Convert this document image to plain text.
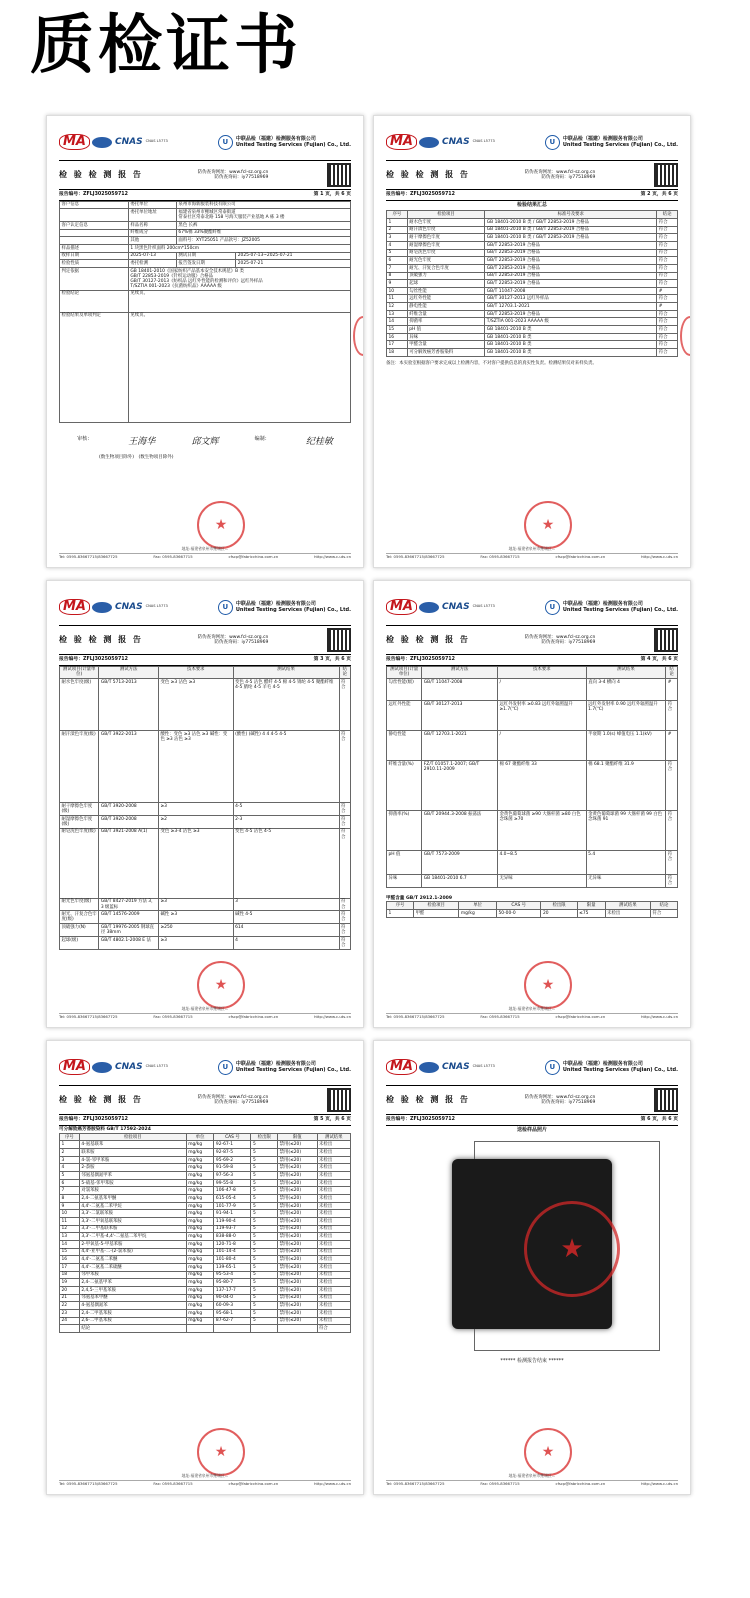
质检证书
MA	CNAS CNAS L5773	U	中联品检（福建）检测服务有限公司
United Testing Services (Fujian) Co., Ltd.
检 验 检 测 报 告	防伪查询网址：www.fcl-sz.org.cn
防伪查询码：iy77518969
报告编号：ZFLJ3025059712	第 1 页，共 6 页
客户信息	委托单位	泉州市海新服装科技有限公司	
	委托单位地址	福建省泉州市鲤城区常泰街道
常泰社区常泰北路 158 号海天服装产业基地 A 栋 3 楼	
客户认定信息	样品名称	黑色 长裤	
	纤维成分	67%棉 33%聚酯纤维	
	其他	面料号：XYT25051 产品款号：JZ52005	
样品描述	1 块黑色针织面料 200cm*150cm		
收样日期	2025-07-13	测试日期	2025-07-13~2025-07-21
检验性质	委托检测	报告签发日期	2025-07-21
判定依据	GB 18401-2010《国家纺织产品基本安全技术规范》B 类
GB/T 22853-2019《针织运动服》合格品
GB/T 30127-2013《纺织品 远红外性能的检测和评价》远红外样品
T/SZTIA 001-2023《抗菌纺织品》AAAAA 级		

检验结论	见续页。		
检验结果及单项判定	见续页。		
审核：	王海华	邱文辉	编制：	纪桂敏
(数生物项目除外)　(数生物项目除外)
★
地址:福建省泉州市鲤城区...
Tel: 0595-83667715/83667725	Fax: 0595-83667715	cfscp@fabricchina.com.cn	http://www.c-uts.cn
MA	CNAS CNAS L5773	U	中联品检（福建）检测服务有限公司
United Testing Services (Fujian) Co., Ltd.
检 验 检 测 报 告	防伪查询网址：www.fcl-sz.org.cn
防伪查询码：iy77518969
报告编号：ZFLJ3025059712	第 2 页，共 6 页
检验结果汇总
序号	检验项目	标准号及要求	结论
1	耐水色牢度	GB 18401-2010 B 类 / GB/T 22853-2019 合格品	符合
2	耐汗渍色牢度	GB 18401-2010 B 类 / GB/T 22853-2019 合格品	符合
3	耐干摩擦色牢度	GB 18401-2010 B 类 / GB/T 22853-2019 合格品	符合
4	耐湿摩擦色牢度	GB/T 22853-2019 合格品	符合
5	耐皂洗色牢度	GB/T 22853-2019 合格品	符合
6	耐光色牢度	GB/T 22853-2019 合格品	符合
7	耐光、汗复合色牢度	GB/T 22853-2019 合格品	符合
8	顶破强力	GB/T 22853-2019 合格品	符合
9	起球	GB/T 22853-2019 合格品	符合
10	勾丝性能	GB/T 11047-2008	#
11	远红外性能	GB/T 30127-2013 远红外样品	符合
12	静电性能	GB/T 12703.1-2021	#
13	纤维含量	GB/T 22853-2019 合格品	符合
14	抑菌率	T/SZTIA 001-2023 AAAAA 级	符合
15	pH 值	GB 18401-2010 B 类	符合
16	异味	GB 18401-2010 B 类	符合
17	甲醛含量	GB 18401-2010 B 类	符合
18	可分解致癌芳香胺染料	GB 18401-2010 B 类	符合
备注：本实验室根据客户要求完成以上检测内容，不对客户提供信息的真实性负责。检测结果仅对来样负责。
★
地址:福建省泉州市鲤城区...
Tel: 0595-83667715/83667725	Fax: 0595-83667715	cfscp@fabricchina.com.cn	http://www.c-uts.cn
MA	CNAS CNAS L5773	U	中联品检（福建）检测服务有限公司
United Testing Services (Fujian) Co., Ltd.
检 验 检 测 报 告	防伪查询网址：www.fcl-sz.org.cn
防伪查询码：iy77518969
报告编号：ZFLJ3025059712	第 3 页，共 6 页
测试项目(计量单位)	测试方法	技术要求	测试结果	结论
耐水色牢度(级)	GB/T 5713-2013	变色 ≥3 沾色 ≥3	变色 4-5 沾色 醋纤 4-5 棉 4-5 锦纶 4-5 聚酯纤维 4-5 腈纶 4-5 羊毛 4-5	符合
耐汗渍色牢度(级)	GB/T 3922-2013	酸性：变色 ≥3 沾色 ≥3 碱性：变色 ≥3 沾色 ≥3	(酸性) (碱性) 4 4 4-5 4-5	符合
耐干摩擦色牢度(级)	GB/T 3920-2008	≥3	4-5	符合
耐湿摩擦色牢度(级)	GB/T 3920-2008	≥2	2-3	符合
耐皂洗色牢度(级)	GB/T 3921-2008 A(1)	变色 ≥3-4 沾色 ≥3	变色 4-5 沾色 4-5	符合
耐光色牢度(级)	GB/T 8427-2019 方法 3，3 级蓝标	≥3	3	符合
耐光、汗复合色牢度(级)	GB/T 14576-2009	碱性 ≥3	碱性 4-5	符合
顶破强力(N)	GB/T 19976-2005 钢球直径 38mm	≥250	614	符合
起球(级)	GB/T 4802.1-2008 E 法	≥3	4	符合
★
地址:福建省泉州市鲤城区...
Tel: 0595-83667715/83667725	Fax: 0595-83667715	cfscp@fabricchina.com.cn	http://www.c-uts.cn
MA	CNAS CNAS L5773	U	中联品检（福建）检测服务有限公司
United Testing Services (Fujian) Co., Ltd.
检 验 检 测 报 告	防伪查询网址：www.fcl-sz.org.cn
防伪查询码：iy77518969
报告编号：ZFLJ3025059712	第 4 页，共 6 页
测试项目(计量单位)	测试方法	技术要求	测试结果	结论
勾丝性能(级)	GB/T 11047-2008	/	直向 3-4 横向 4	#
远红外性能	GB/T 30127-2013	远红外发射率 ≥0.83 远红外辐照温升 ≥1.7(℃)	远红外发射率 0.90 远红外辐照温升 1.7(℃)	符合
静电性能	GB/T 12703.1-2021	/	半衰期 1.0(s) 峰值电压 1.1(kV)	#
纤维含量(%)	FZ/T 01057.1-2007; GB/T 2910.11-2009	棉 67 聚酯纤维 33	棉 68.1 聚酯纤维 31.9	符合
抑菌率(%)	GB/T 20944.3-2008 振荡法	金黄色葡萄球菌 ≥90 大肠杆菌 ≥80 白色念珠菌 ≥70	金黄色葡萄球菌 99 大肠杆菌 99 白色念珠菌 91	符合
pH 值	GB/T 7573-2009	4.0~8.5	5.4	符合
异味	GB 18401-2010 6.7	无异味	无异味	符合
甲醛含量 GB/T 2912.1-2009
序号	检验项目	单位	CAS 号	检出限	限量	测试结果	结论
1	甲醛	mg/kg	50-00-0	20	≤75	未检出	符合
★
地址:福建省泉州市鲤城区...
Tel: 0595-83667715/83667725	Fax: 0595-83667715	cfscp@fabricchina.com.cn	http://www.c-uts.cn
MA	CNAS CNAS L5773	U	中联品检（福建）检测服务有限公司
United Testing Services (Fujian) Co., Ltd.
检 验 检 测 报 告	防伪查询网址：www.fcl-sz.org.cn
防伪查询码：iy77518969
报告编号：ZFLJ3025059712	第 5 页，共 6 页
可分解致癌芳香胺染料 GB/T 17592-2024
序号	检验项目	单位	CAS 号	检出限	限值	测试结果
1	4-氨基联苯	mg/kg	92-67-1	5	禁用(≤20)	未检出
2	联苯胺	mg/kg	92-87-5	5	禁用(≤20)	未检出
3	4-氯-邻甲苯胺	mg/kg	95-69-2	5	禁用(≤20)	未检出
4	2-萘胺	mg/kg	91-59-8	5	禁用(≤20)	未检出
5	邻氨基偶氮甲苯	mg/kg	97-56-3	5	禁用(≤20)	未检出
6	5-硝基-邻甲苯胺	mg/kg	99-55-8	5	禁用(≤20)	未检出
7	对氯苯胺	mg/kg	106-47-8	5	禁用(≤20)	未检出
8	2,4-二氨基苯甲醚	mg/kg	615-05-4	5	禁用(≤20)	未检出
9	4,4'-二氨基二苯甲烷	mg/kg	101-77-9	5	禁用(≤20)	未检出
10	3,3'-二氯联苯胺	mg/kg	91-94-1	5	禁用(≤20)	未检出
11	3,3'-二甲氧基联苯胺	mg/kg	119-90-4	5	禁用(≤20)	未检出
12	3,3'-二甲基联苯胺	mg/kg	119-93-7	5	禁用(≤20)	未检出
13	3,3'-二甲基-4,4'-二氨基二苯甲烷	mg/kg	838-88-0	5	禁用(≤20)	未检出
14	2-甲氧基-5-甲基苯胺	mg/kg	120-71-8	5	禁用(≤20)	未检出
15	4,4'-亚甲基-二-(2-氯苯胺)	mg/kg	101-14-4	5	禁用(≤20)	未检出
16	4,4'-二氨基二苯醚	mg/kg	101-80-4	5	禁用(≤20)	未检出
17	4,4'-二氨基二苯硫醚	mg/kg	139-65-1	5	禁用(≤20)	未检出
18	邻甲苯胺	mg/kg	95-53-4	5	禁用(≤20)	未检出
19	2,4-二氨基甲苯	mg/kg	95-80-7	5	禁用(≤20)	未检出
20	2,4,5-三甲基苯胺	mg/kg	137-17-7	5	禁用(≤20)	未检出
21	邻氨基苯甲醚	mg/kg	90-04-0	5	禁用(≤20)	未检出
22	4-氨基偶氮苯	mg/kg	60-09-3	5	禁用(≤20)	未检出
23	2,4-二甲基苯胺	mg/kg	95-68-1	5	禁用(≤20)	未检出
24	2,6-二甲基苯胺	mg/kg	87-62-7	5	禁用(≤20)	未检出
	结论					符合
★
地址:福建省泉州市鲤城区...
Tel: 0595-83667715/83667725	Fax: 0595-83667715	cfscp@fabricchina.com.cn	http://www.c-uts.cn
MA	CNAS CNAS L5773	U	中联品检（福建）检测服务有限公司
United Testing Services (Fujian) Co., Ltd.
检 验 检 测 报 告	防伪查询网址：www.fcl-sz.org.cn
防伪查询码：iy77518969
报告编号：ZFLJ3025059712	第 6 页，共 6 页
送检样品照片
★
****** 检测报告结束 ******
★
地址:福建省泉州市鲤城区...
Tel: 0595-83667715/83667725	Fax: 0595-83667715	cfscp@fabricchina.com.cn	http://www.c-uts.cn
